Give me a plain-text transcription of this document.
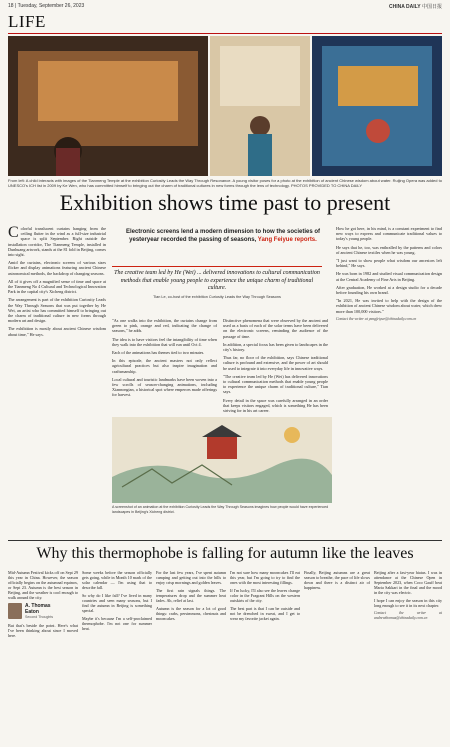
18 | Tuesday, September 26, 2023	CHINA DAILY 中国日报
LIFE
From left: A child interacts with images of the Tianmeng Temple at the exhibition Curiosity Leads the Way Through Resonance. A young visitor poses for a photo at the exhibition of ancient Chinese wisdom about water. Ruijing Opera was added to UNESCO's ICH list in 2009 by Ke Wen, who has committed himself to bringing out the charm of traditional cultures in new forms through the lens of technology. PHOTOS PROVIDED TO CHINA DAILY
Exhibition shows time past to present
Electronic screens lend a modern dimension to how the societies of yesteryear recorded the passing of seasons, Yang Feiyue reports.

Colorful translucent curtains hanging from the ceiling flutter in the wind as a full-size industrial space is split September. Right outside the installation corridor, The Tianmeng Temple, installed in Dunhuang artwork, stands at the 81 fold in Beijing, comes into sight.

Amid the curtains, electronic screens of various sizes flicker and display animations featuring ancient Chinese astronomical methods, the backdrop of changing seasons.

All of it gives off a magnified sense of time and space at the Tianmeng No 4 Cultural and Technological Innovation Park in the capital city's Xicheng district.

The arrangement is part of the exhibition Curiosity Leads the Way Through Seasons that was put together by He Wei, an artist who has committed himself to bringing out the charm of traditional culture in new forms through modern art and design.

The exhibition is mostly about ancient Chinese wisdom about time," He says.

How he got here, in his mind, is a constant experiment to find new ways to express and communicate traditional values to today's young people.

He says that he, too, was enthralled by the patterns and colors of ancient Chinese textiles when he was young.

"I just want to show people what wisdom our ancestors left behind," He says.

He was born in 1982 and studied visual communication design at the Central Academy of Fine Arts in Beijing.

After graduation, He worked at a design studio for a decade before founding his own brand.

"In 2021, He was invited to help with the design of the exhibition of ancient Chinese wisdom about water, which drew more than 100,000 visitors."

Contact the writer at yangfeiyue@chinadaily.com.cn

The creative team led by He (Wei) ... delivered innovations to cultural communication methods that enable young people to experience the unique charm of traditional culture.
Tian Le, co-host of the exhibition Curiosity Leads the Way Through Seasons

"As one walks into the exhibition, the curtains change from green to pink, orange and red, indicating the change of seasons," he adds.

The idea is to have visitors feel the intangibility of time when they walk into the exhibition that will run until Oct 4.

Each of the animations has themes tied to two minutes.

In this episode, the ancient masters not only reflect agricultural practices but also inspire imagination and craftsmanship.

Local cultural and touristic landmarks have been woven into a few scrolls of season-changing animations, including Xiannongtan, a historical spot where emperors made offerings for harvest.

Distinctive phenomena that were observed by the ancient and used as a basis of each of the solar terms have been delivered on the electronic screens, reminding the audience of the passage of time.

In addition, a special focus has been given to landscapes in the city's history.

Thus far, no floor of the exhibition, says Chinese traditional culture is profound and extensive, and the power of art should be used to integrate it into everyday life in innovative ways.

"The creative team led by He (Wei) has delivered innovations to cultural communication methods that enable young people to experience the unique charm of traditional culture," Tian says.

Every detail in the space was carefully arranged in an order that keeps visitors engaged, which is something He has been striving for in his art career.

A screenshot of an animation at the exhibition Curiosity Leads the Way Through Seasons imagines how people would have experienced landscapes in Beijing's Xicheng district.
Why this thermophobe is falling for autumn like the leaves

Mid-Autumn Festival kicks off on Sept 29 this year in China. However, the season officially begins on the autumnal equinox, or Sept 23. Autumn is the best season in Beijing, and the weather is cool enough to walk around the city.

A. Thomas
Eaton
Second Thoughts

But that's beside the point. Here's what I've been thinking about since I moved here.

Some weeks before the season officially gets going, while in Month 10 mark of the solar calendar — I'm using that to describe fall.

So why do I like fall? I've lived in many countries and seen many seasons, but I find the autumn in Beijing is something special.

Maybe it's because I'm a self-proclaimed thermophobe. I'm not one for summer heat.

For the last few years, I've spent autumn camping and getting out into the hills to enjoy crisp mornings and golden leaves.

The first rain signals things. The temperatures drop and the summer heat fades. Ah, relief at last.

Autumn is the season for a lot of good things: crabs, persimmons, chestnuts and mooncakes.

I'm not sure how many mooncakes I'll eat this year, but I'm going to try to find the ones with the most interesting fillings.

If I'm lucky, I'll also see the leaves change color in the Fragrant Hills on the western outskirts of the city.

The best part is that I can be outside and not be drenched in sweat, and I get to wear my favorite jacket again.

Finally, Beijing autumns are a great season to breathe, the pace of life slows down and there is a distinct air of happiness.

Beijing after a fast-year hiatus. I was in attendance at the Chinese Open in September 2023, when Coco Gauff beat Maria Sakkari in the final and the mood in the city was electric.

I hope I can enjoy the season in this city long enough to see it in its next chapter.

Contact the writer at andrewthomas@chinadaily.com.cn
